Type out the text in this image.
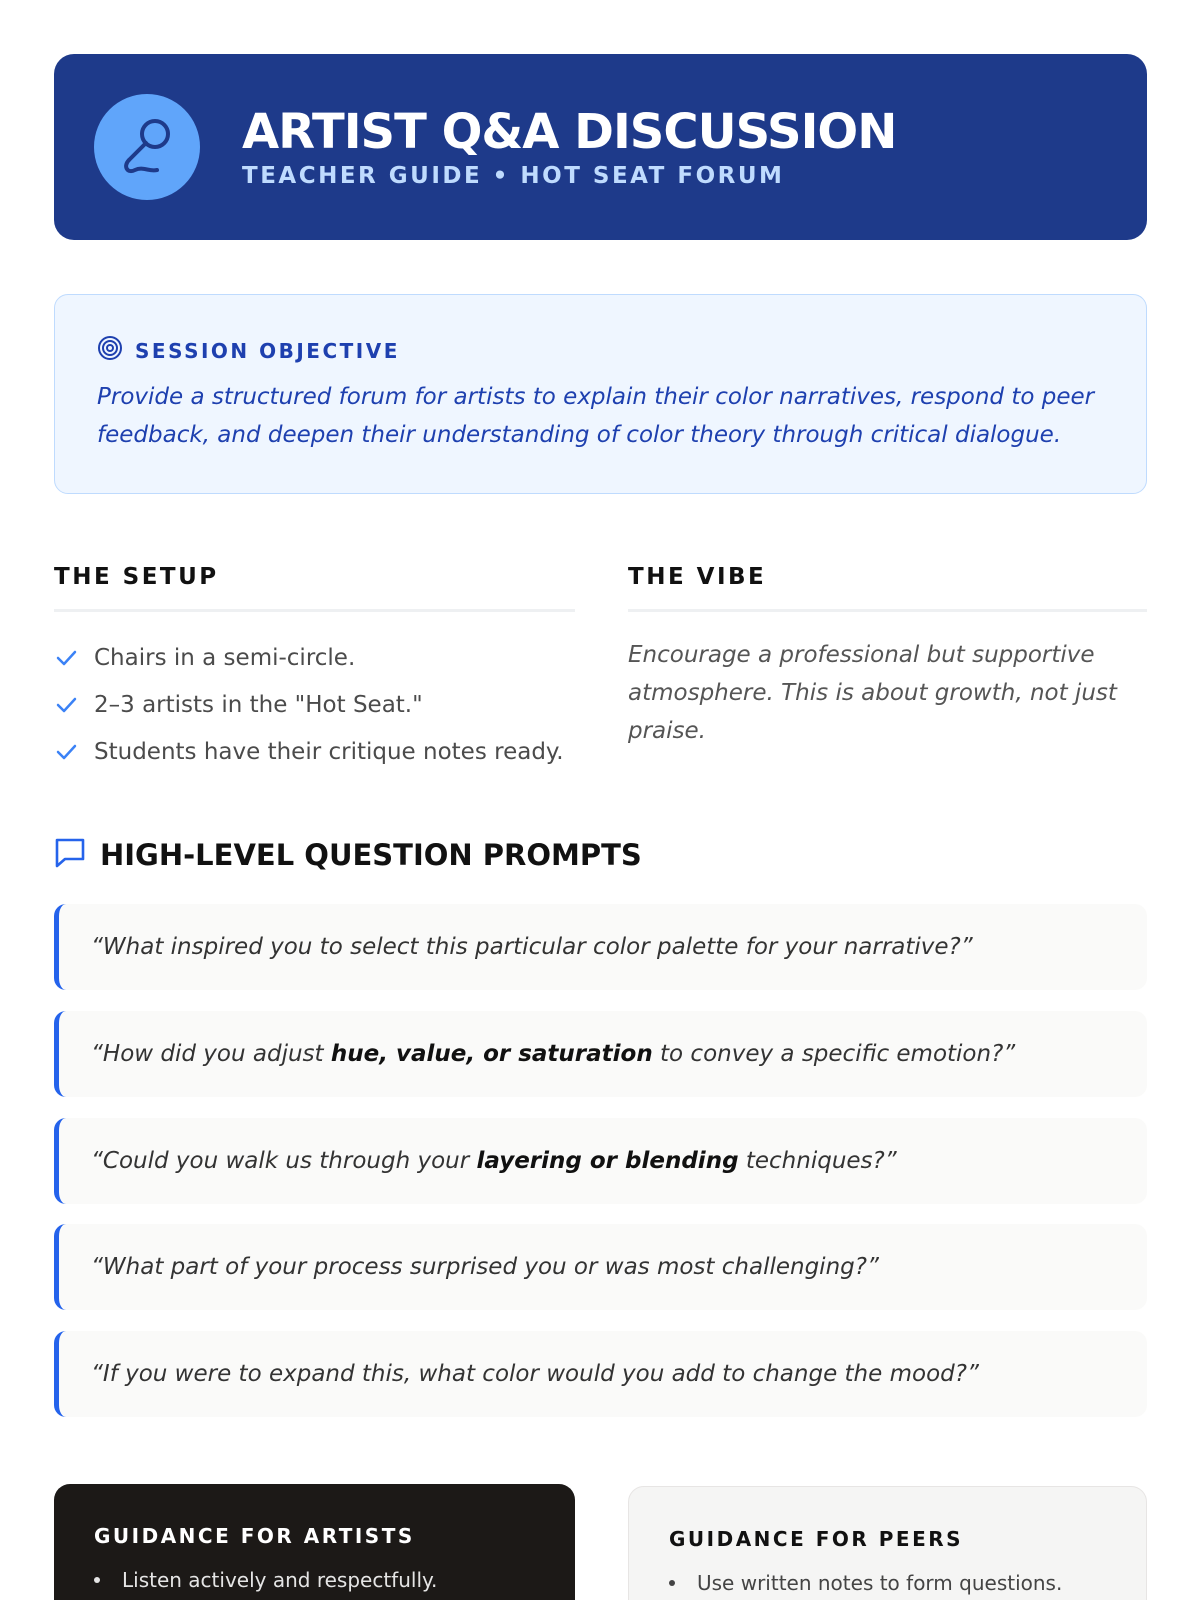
ARTIST Q&A DISCUSSION
TEACHER GUIDE • HOT SEAT FORUM
SESSION OBJECTIVE
Provide a structured forum for artists to explain their color narratives, respond to peer feedback, and deepen their understanding of color theory through critical dialogue.
THE SETUP
Chairs in a semi-circle.
2–3 artists in the "Hot Seat."
Students have their critique notes ready.
THE VIBE
Encourage a professional but supportive atmosphere. This is about growth, not just praise.
HIGH-LEVEL QUESTION PROMPTS
“What inspired you to select this particular color palette for your narrative?”
“How did you adjust hue, value, or saturation to convey a specific emotion?”
“Could you walk us through your layering or blending techniques?”
“What part of your process surprised you or was most challenging?”
“If you were to expand this, what color would you add to change the mood?”
GUIDANCE FOR ARTISTS
Listen actively and respectfully.
GUIDANCE FOR PEERS
Use written notes to form questions.
